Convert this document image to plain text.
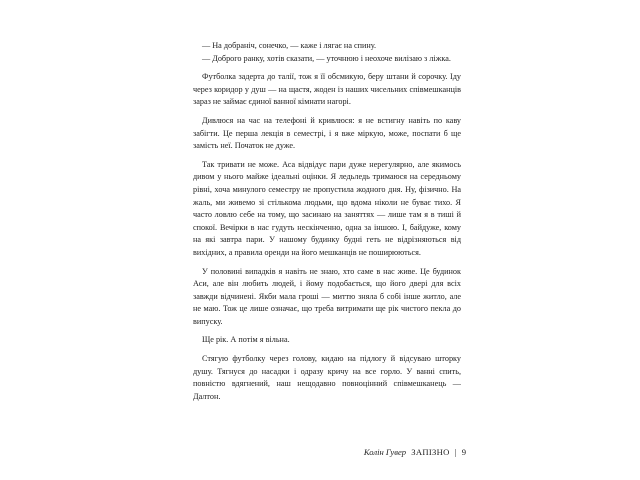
— На добраніч, сонечко, — каже і лягає на спину.

— Доброго ранку, хотів сказати, — уточнюю і неохоче вилізаю з ліжка.

Футболка задерта до талії, тож я її обсмикую, беру штани й сорочку. Іду через коридор у душ — на щастя, жоден із наших чисельних співмешканців зараз не займає єдиної ванної кімнати нагорі.

Дивлюся на час на телефоні й кривлюся: я не встигну навіть по каву забігти. Це перша лекція в семестрі, і я вже міркую, може, поспати б ще замість неї. Початок не дуже.

Так тривати не може. Аса відвідує пари дуже нерегулярно, але якимось дивом у нього майже ідеальні оцінки. Я ледьледь тримаюся на середньому рівні, хоча минулого семестру не пропустила жодного дня. Ну, фізично. На жаль, ми живемо зі стількома людьми, що вдома ніколи не буває тихо. Я часто ловлю себе на тому, що засинаю на заняттях — лише там я в тиші й спокої. Вечірки в нас гудуть нескінченно, одна за іншою. І, байдуже, кому на які завтра пари. У нашому будинку будні геть не відрізняються від вихідних, а правила оренди на його мешканців не поширюються.

У половині випадків я навіть не знаю, хто саме в нас живе. Це будинок Аси, але він любить людей, і йому подобається, що його двері для всіх завжди відчинені. Якби мала гроші — миттю зняла б собі інше житло, але не маю. Тож це лише означає, що треба витримати ще рік чистого пекла до випуску.

Ще рік. А потім я вільна.

Стягую футболку через голову, кидаю на підлогу й відсуваю шторку душу. Тягнуся до насадки і одразу кричу на все горло. У ванні спить, повністю вдягнений, наш нещодавно повноцінний співмешканець — Далтон.

Колін Гувер ЗАПІЗНО | 9
